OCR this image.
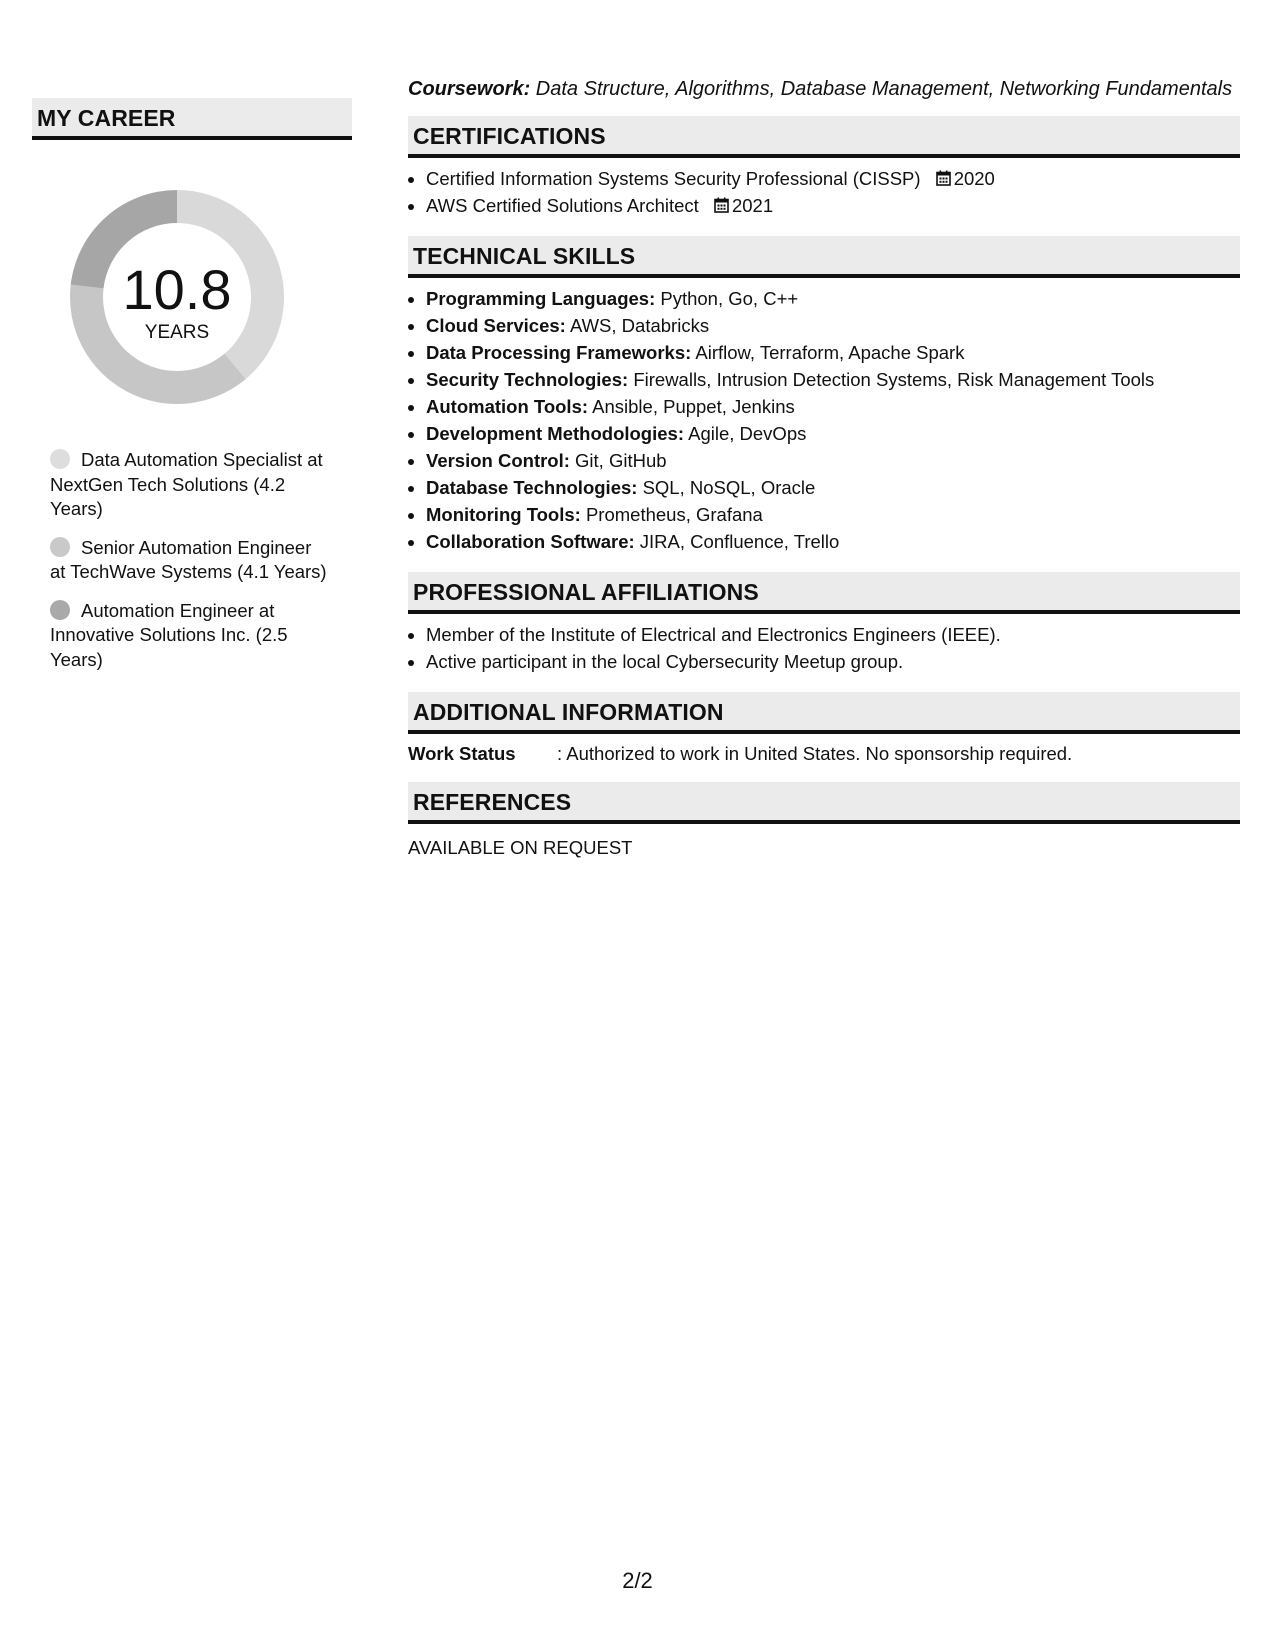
MY CAREER
10.8
YEARS
Data Automation Specialist at NextGen Tech Solutions (4.2 Years)
Senior Automation Engineer at TechWave Systems (4.1 Years)
Automation Engineer at Innovative Solutions Inc. (2.5 Years)
Coursework: Data Structure, Algorithms, Database Management, Networking Fundamentals
CERTIFICATIONS
• Certified Information Systems Security Professional (CISSP) 2020
• AWS Certified Solutions Architect 2021
TECHNICAL SKILLS
• Programming Languages: Python, Go, C++
• Cloud Services: AWS, Databricks
• Data Processing Frameworks: Airflow, Terraform, Apache Spark
• Security Technologies: Firewalls, Intrusion Detection Systems, Risk Management Tools
• Automation Tools: Ansible, Puppet, Jenkins
• Development Methodologies: Agile, DevOps
• Version Control: Git, GitHub
• Database Technologies: SQL, NoSQL, Oracle
• Monitoring Tools: Prometheus, Grafana
• Collaboration Software: JIRA, Confluence, Trello
PROFESSIONAL AFFILIATIONS
• Member of the Institute of Electrical and Electronics Engineers (IEEE).
• Active participant in the local Cybersecurity Meetup group.
ADDITIONAL INFORMATION
Work Status : Authorized to work in United States. No sponsorship required.
REFERENCES
AVAILABLE ON REQUEST
2/2
